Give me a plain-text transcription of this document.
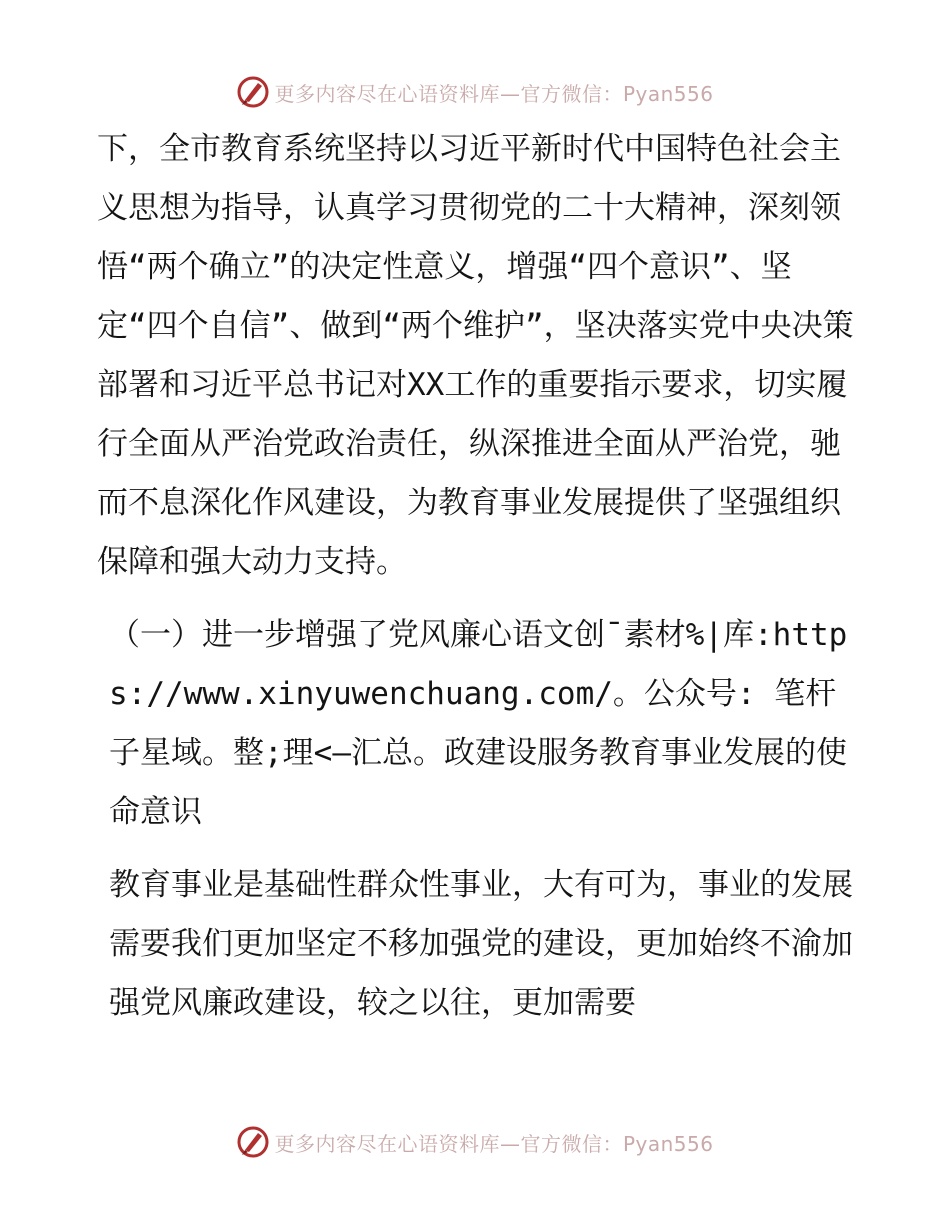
更多内容尽在心语资料库—官方微信：Pyan556

下，全市教育系统坚持以习近平新时代中国特色社会主义思想为指导，认真学习贯彻党的二十大精神，深刻领悟“两个确立”的决定性意义，增强“四个意识”、坚定“四个自信”、做到“两个维护”，坚决落实党中央决策部署和习近平总书记对XX工作的重要指示要求，切实履行全面从严治党政治责任，纵深推进全面从严治党，驰而不息深化作风建设，为教育事业发展提供了坚强组织保障和强大动力支持。

（一）进一步增强了党风廉心语文创¯素材%|库:https://www.xinyuwenchuang.com/。公众号: 笔杆子星域。整;理<—汇总。政建设服务教育事业发展的使命意识

教育事业是基础性群众性事业，大有可为，事业的发展需要我们更加坚定不移加强党的建设，更加始终不渝加强党风廉政建设，较之以往，更加需要

更多内容尽在心语资料库—官方微信：Pyan556
